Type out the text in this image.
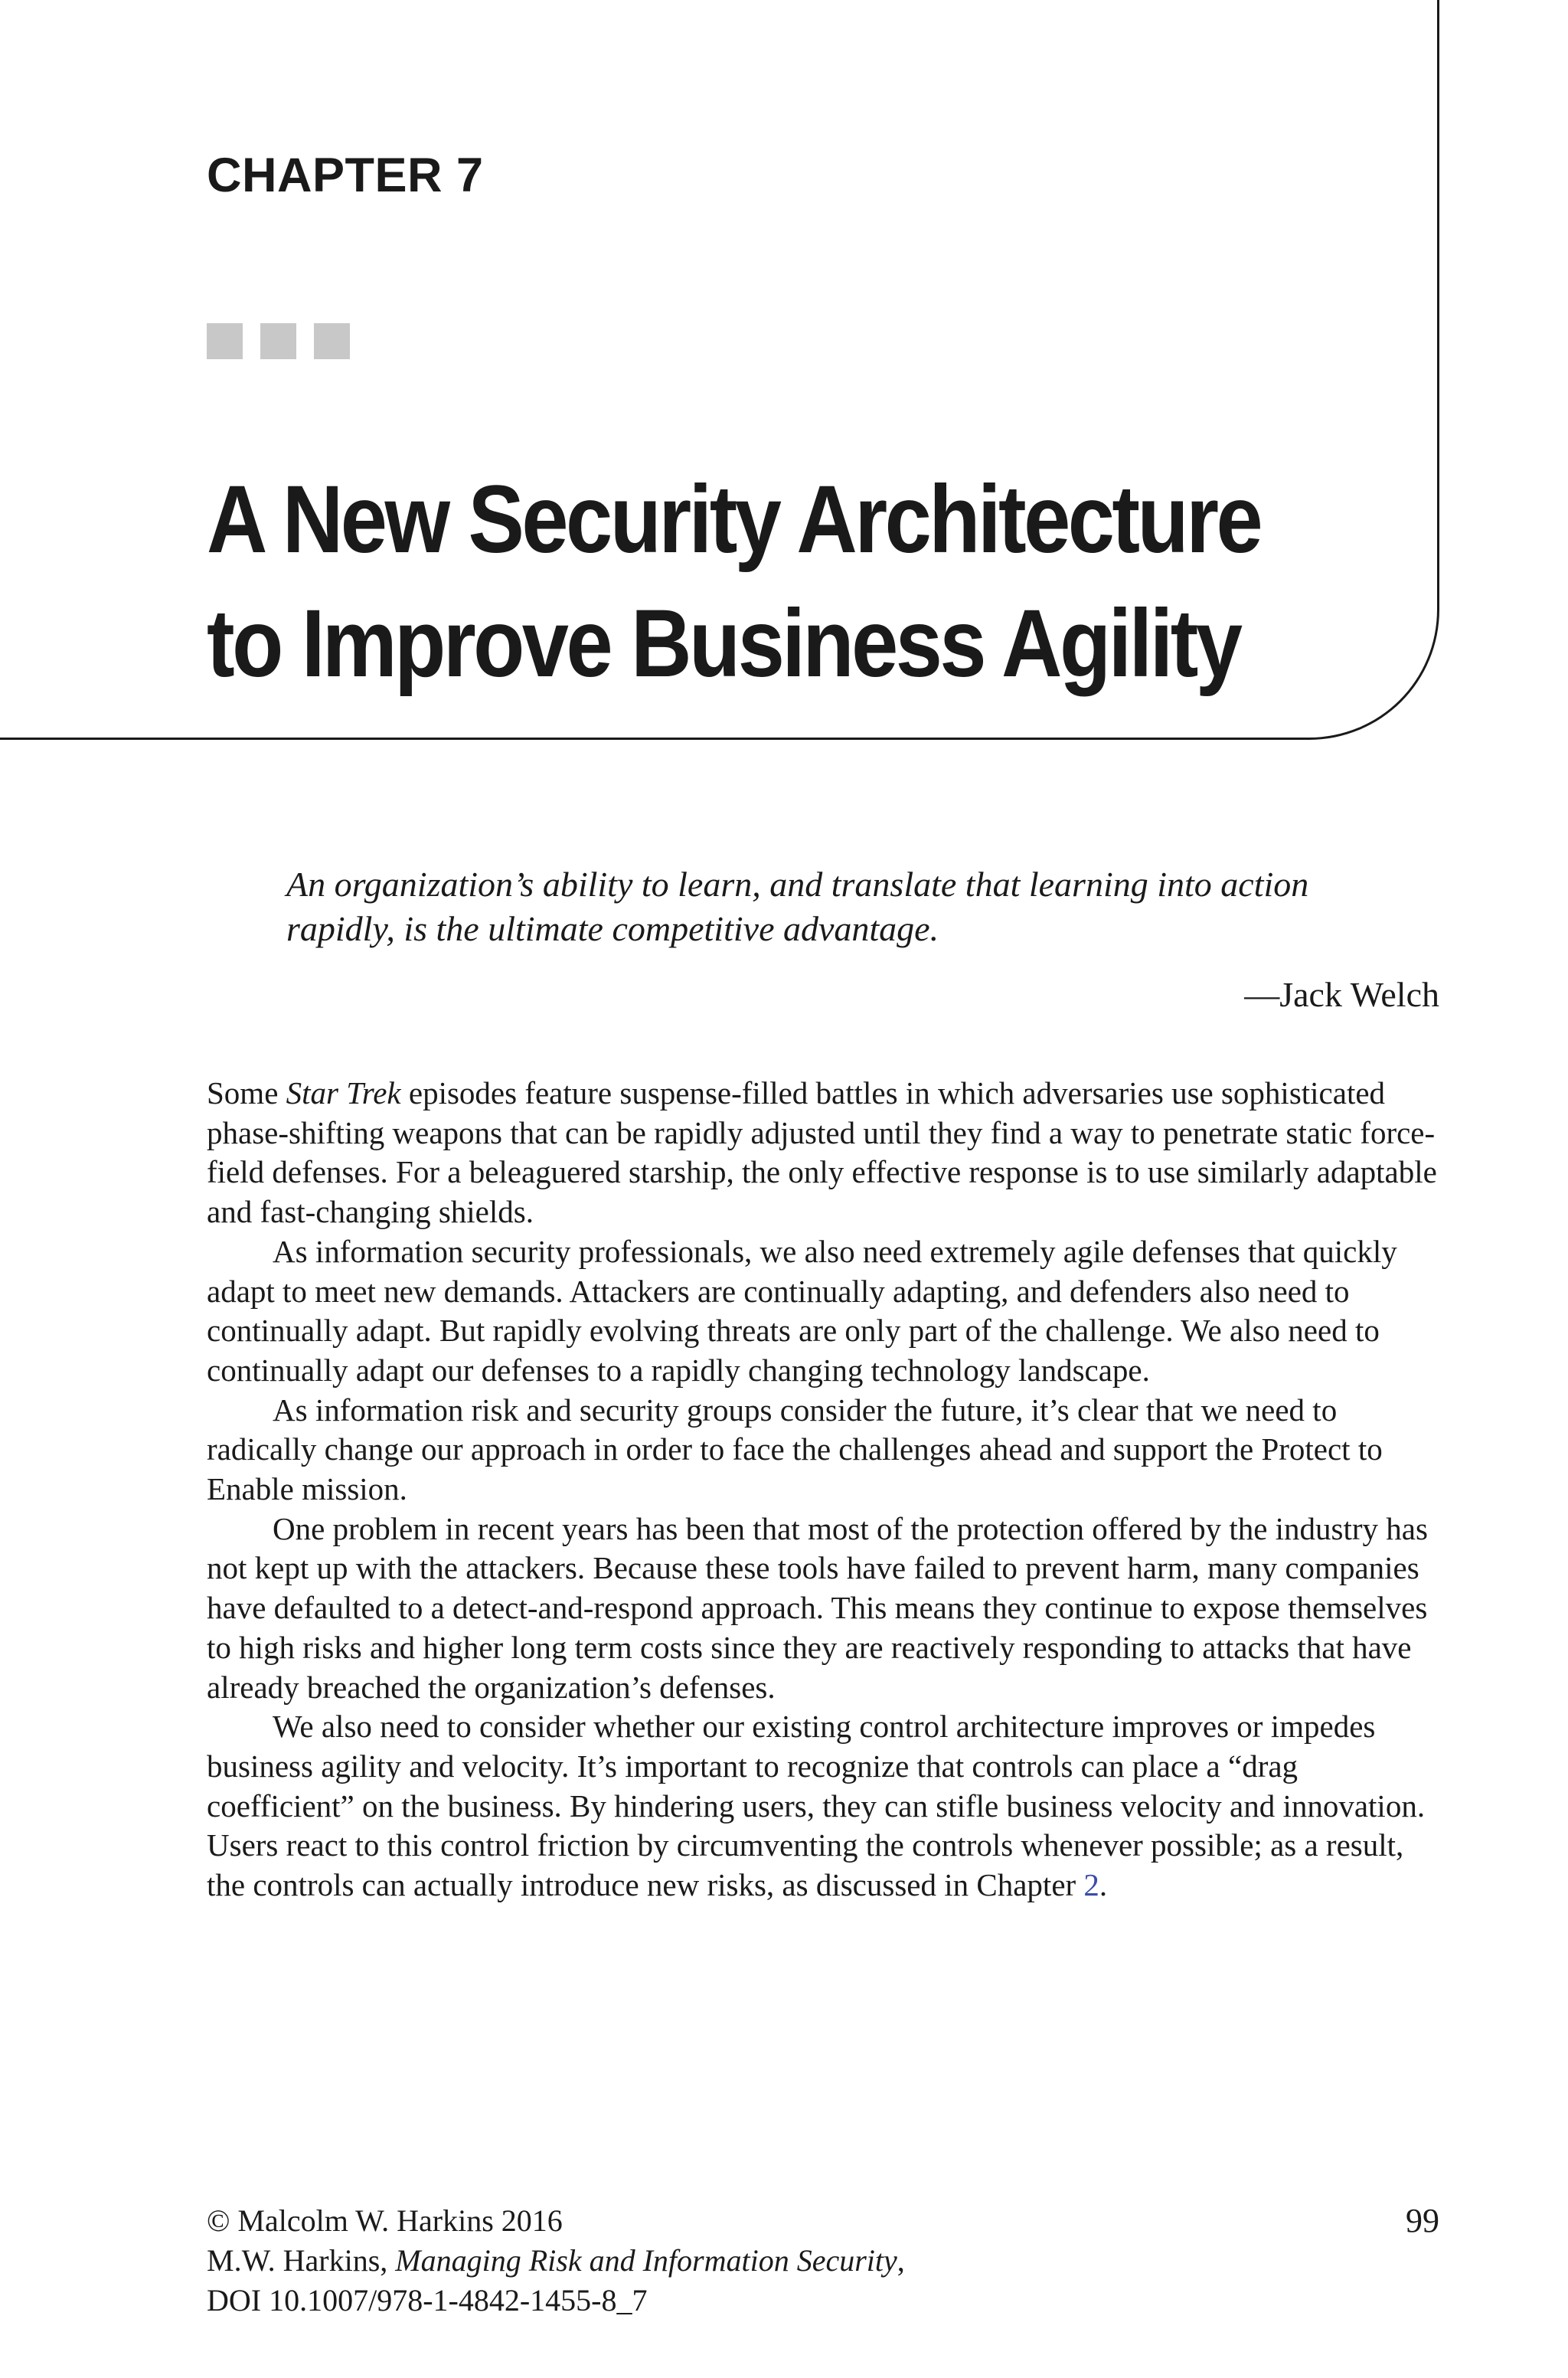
CHAPTER 7
A New Security Architecture
to Improve Business Agility

An organization’s ability to learn, and translate that learning into action
rapidly, is the ultimate competitive advantage.

—Jack Welch

Some Star Trek episodes feature suspense-filled battles in which adversaries use sophisticated phase-shifting weapons that can be rapidly adjusted until they find a way to penetrate static force-field defenses. For a beleaguered starship, the only effective response is to use similarly adaptable and fast-changing shields.

As information security professionals, we also need extremely agile defenses that quickly adapt to meet new demands. Attackers are continually adapting, and defenders also need to continually adapt. But rapidly evolving threats are only part of the challenge. We also need to continually adapt our defenses to a rapidly changing technology landscape.

As information risk and security groups consider the future, it’s clear that we need to radically change our approach in order to face the challenges ahead and support the Protect to Enable mission.

One problem in recent years has been that most of the protection offered by the industry has not kept up with the attackers. Because these tools have failed to prevent harm, many companies have defaulted to a detect-and-respond approach. This means they continue to expose themselves to high risks and higher long term costs since they are reactively responding to attacks that have already breached the organization’s defenses.

We also need to consider whether our existing control architecture improves or impedes business agility and velocity. It’s important to recognize that controls can place a “drag coefficient” on the business. By hindering users, they can stifle business velocity and innovation. Users react to this control friction by circumventing the controls whenever possible; as a result, the controls can actually introduce new risks, as discussed in Chapter 2.

© Malcolm W. Harkins 2016
M.W. Harkins, Managing Risk and Information Security,
DOI 10.1007/978-1-4842-1455-8_7

99
